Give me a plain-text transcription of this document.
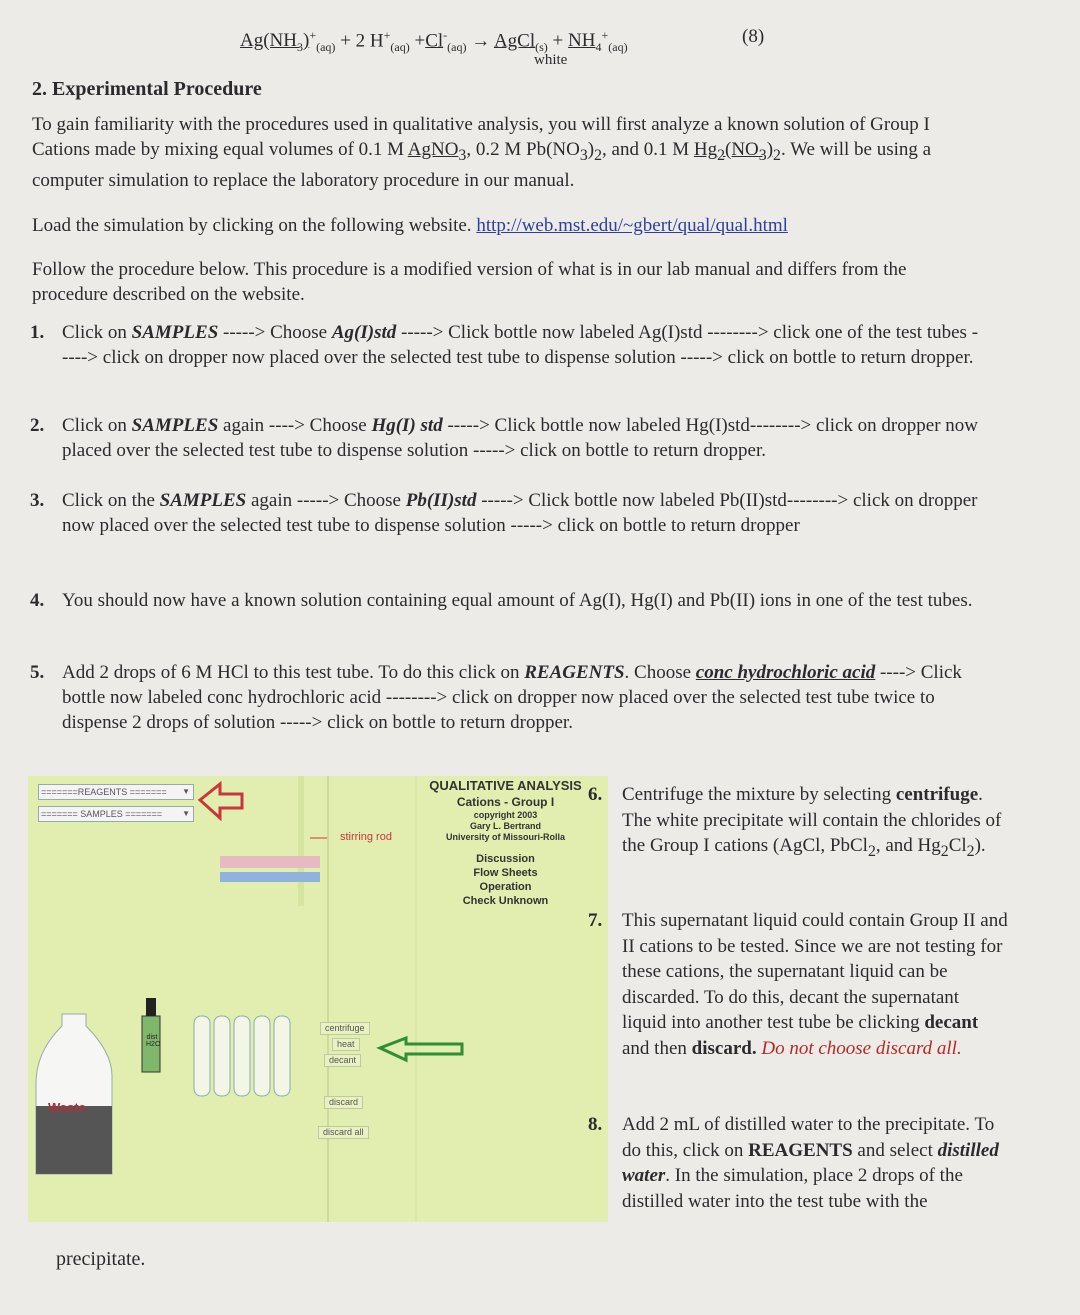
$Ag(NH_3)^+_{(aq)} + 2$ $H^+_{(aq)} +Cl^-_{(aq)}$ → AgCl$_{(s)}$ + $NH_4^+_{(aq)}$
white
(8)
2. Experimental Procedure
To gain familiarity with the procedures used in qualitative analysis, you will first analyze a known solution of Group I Cations made by mixing equal volumes of 0.1 M AgNO$_3$, 0.2 M $Pb(NO_3)_2$, and 0.1 M $Hg_2(NO_3)_2$. We will be using a computer simulation to replace the laboratory procedure in our manual.
Load the simulation by clicking on the following website. http://web.mst.edu/~gbert/qual/qual.html
Follow the procedure below. This procedure is a modified version of what is in our lab manual and differs from the procedure described on the website.
1. Click on SAMPLES -----> Choose Ag(I)std -----> Click bottle now labeled Ag(I)std --------> click one of the test tubes -----> click on dropper now placed over the selected test tube to dispense solution -----> click on bottle to return dropper.
2. Click on SAMPLES again ----> Choose Hg(I) std -----> Click bottle now labeled Hg(I)std--------> click on dropper now placed over the selected test tube to dispense solution -----> click on bottle to return dropper.
3. Click on the SAMPLES again -----> Choose Pb(II)std -----> Click bottle now labeled Pb(II)std--------> click on dropper now placed over the selected test tube to dispense solution -----> click on bottle to return dropper
4. You should now have a known solution containing equal amount of Ag(I), Hg(I) and Pb(II) ions in one of the test tubes.
5. Add 2 drops of 6 M HCl to this test tube. To do this click on REAGENTS. Choose conc hydrochloric acid ----> Click bottle now labeled conc hydrochloric acid --------> click on dropper now placed over the selected test tube twice to dispense 2 drops of solution -----> click on bottle to return dropper.
=======REAGENTS ======= ▼
======= SAMPLES ======= ▼
stirring rod
QUALITATIVE ANALYSIS
Cations - Group I
copyright 2003
Gary L. Bertrand
University of Missouri-Rolla
Discussion
Flow Sheets
Operation
Check Unknown
dist H2O
centrifuge
heat
decant
discard
discard all
Waste
6. Centrifuge the mixture by selecting centrifuge. The white precipitate will contain the chlorides of the Group I cations (AgCl, PbCl$_2$, and $Hg_2Cl_2$).
7. This supernatant liquid could contain Group II and II cations to be tested. Since we are not testing for these cations, the supernatant liquid can be discarded. To do this, decant the supernatant liquid into another test tube be clicking decant and then discard. Do not choose discard all.
8. Add 2 mL of distilled water to the precipitate. To do this, click on REAGENTS and select distilled water. In the simulation, place 2 drops of the distilled water into the test tube with the
precipitate.
